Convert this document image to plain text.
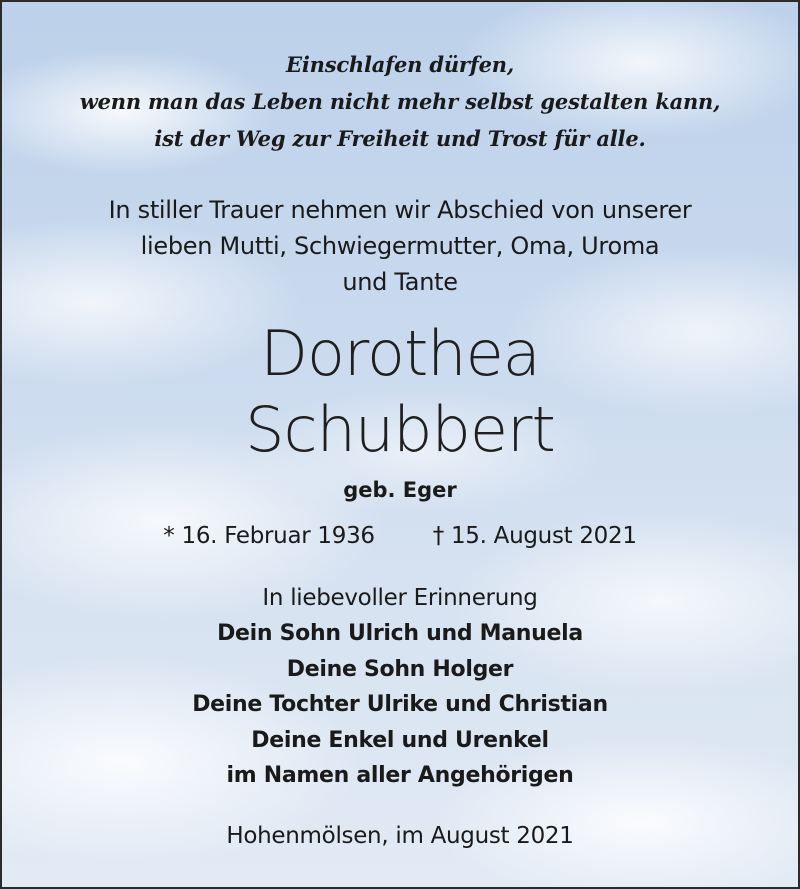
Einschlafen dürfen,
wenn man das Leben nicht mehr selbst gestalten kann,
ist der Weg zur Freiheit und Trost für alle.
In stiller Trauer nehmen wir Abschied von unserer
lieben Mutti, Schwiegermutter, Oma, Uroma
und Tante
Dorothea
Schubbert
geb. Eger
* 16. Februar 1936	† 15. August 2021
In liebevoller Erinnerung
Dein Sohn Ulrich und Manuela
Deine Sohn Holger
Deine Tochter Ulrike und Christian
Deine Enkel und Urenkel
im Namen aller Angehörigen
Hohenmölsen, im August 2021
